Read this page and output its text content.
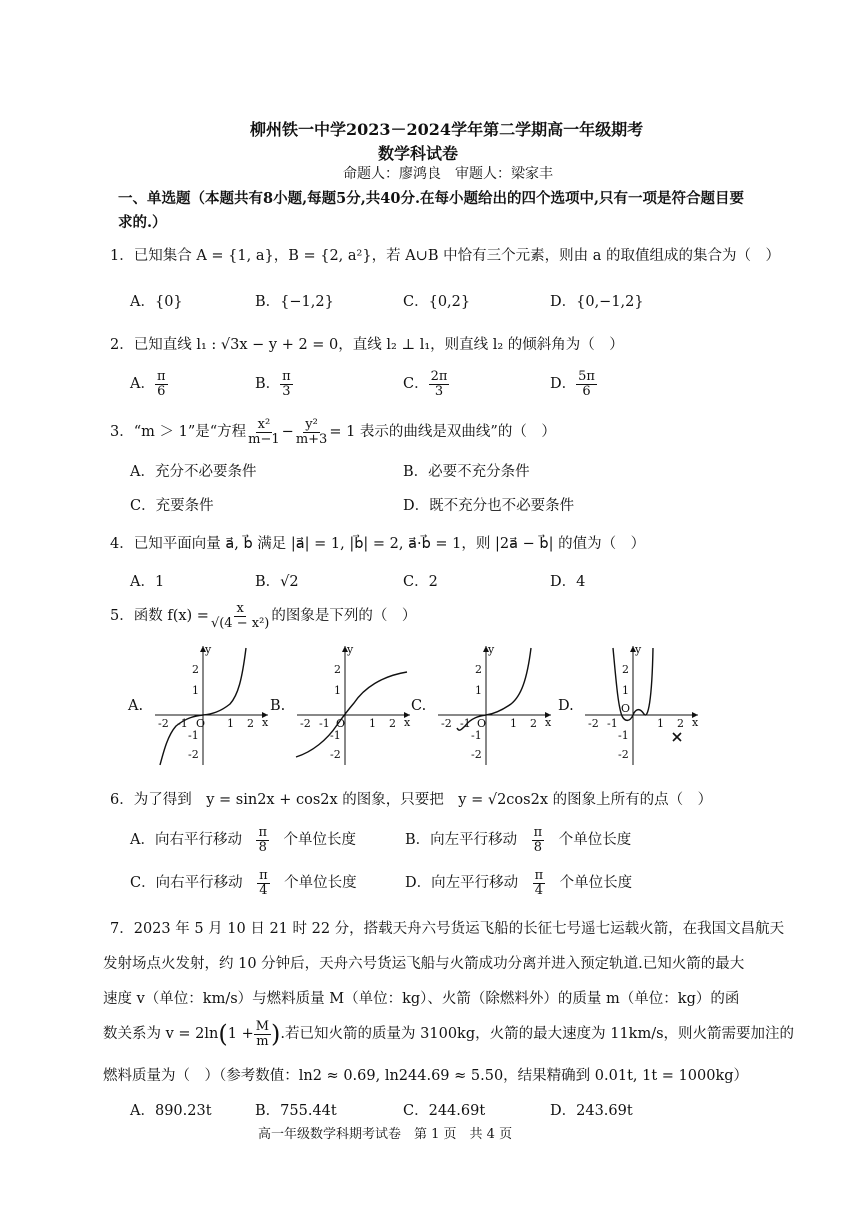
柳州铁一中学2023－2024学年第二学期高一年级期考
数学科试卷
命题人：廖鸿良　审题人：梁家丰
一、单选题（本题共有8小题,每题5分,共40分.在每小题给出的四个选项中,只有一项是符合题目要
求的.）
1．已知集合 A = {1, a}，B = {2, a²}，若 A∪B 中恰有三个元素，则由 a 的取值组成的集合为（　）
A．{0}	B．{−1,2}	C．{0,2}	D．{0,−1,2}
2．已知直线 l₁ : √3x − y + 2 = 0，直线 l₂ ⊥ l₁，则直线 l₂ 的倾斜角为（　）
A． $\frac{\pi}{6}$	B． $\frac{\pi}{3}$	C． $\frac{2\pi}{3}$	D． $\frac{5\pi}{6}$
3．“m ＞ 1”是“方程 $\frac{\text{x²}}{m-1} - \frac{\text{y²}}{m+3} = 1$ 表示的曲线是双曲线”的（　）
A．充分不必要条件	B．必要不充分条件
C．充要条件	D．既不充分也不必要条件
4．已知平面向量 a⃗, b⃗ 满足 |a⃗| = 1, |b⃗| = 2, a⃗·b⃗ = 1，则 |2a⃗ − b⃗| 的值为（　）
A．1	B．√2	C．2	D．4
5．函数 $f(x) = \frac{x}{\text{√(4 − x²)}}$ 的图象是下列的（　）
A.	B.	C.	D.
y
x
-2 -1 O 1 2
2
1
-1
-2
y
x
-2 -1 O 1 2
2
1
-1
-2
y
x
-2 -1 O 1 2
2
1
-1
-2
y
x
-2 -1
O
1 2
2
1
-1
-2
6．为了得到　y = sin2x + cos2x 的图象，只要把　y = √2cos2x 的图象上所有的点（　）
A．向右平行移动　 $\frac{\pi}{8}$
　 个单位长度	B．向左平行移动　 $\frac{\pi}{8}$
　 个单位长度
C．向右平行移动　 $\frac{\pi}{4}$
　 个单位长度	D．向左平行移动　 $\frac{\pi}{4}$
　 个单位长度
7．2023 年 5 月 10 日 21 时 22 分，搭载天舟六号货运飞船的长征七号遥七运载火箭，在我国文昌航天
发射场点火发射，约 10 分钟后，天舟六号货运飞船与火箭成功分离并进入预定轨道.已知火箭的最大
速度 v（单位：km/s）与燃料质量 M（单位：kg）、火箭（除燃料外）的质量 m（单位：kg）的函
数关系为 $v = 2\ln(1 + \frac{M}{m}$ ).若已知火箭的质量为 3100kg，火箭的最大速度为 11km/s，则火箭需要加注的
燃料质量为（　）（参考数值：ln2 ≈ 0.69, ln244.69 ≈ 5.50，结果精确到 0.01t, 1t = 1000kg）
A．890.23t	B．755.44t	C．244.69t	D．243.69t
高一年级数学科期考试卷　第 1 页　共 4 页
